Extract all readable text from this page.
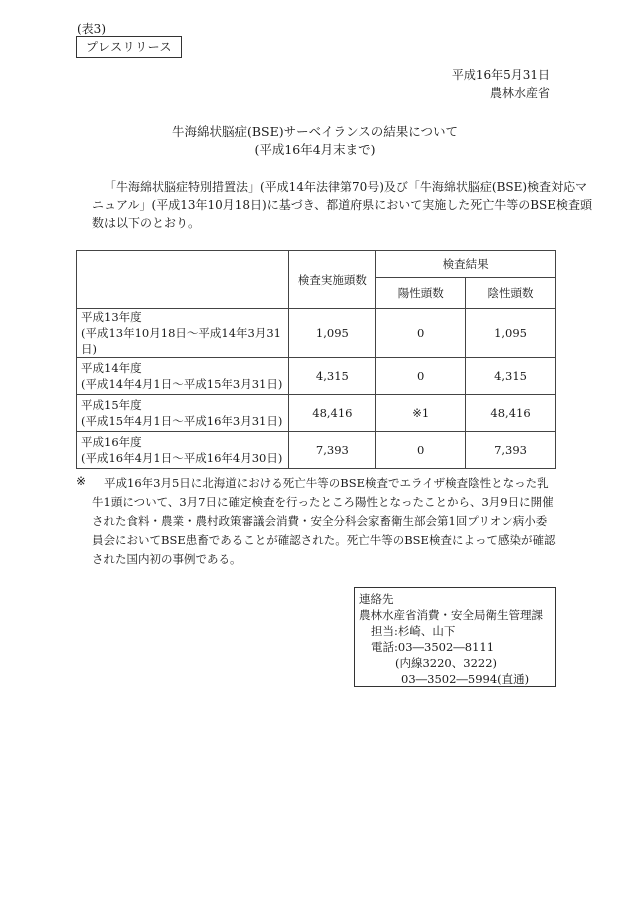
(表3)
プレスリリース
平成16年5月31日
農林水産省
牛海綿状脳症(BSE)サーベイランスの結果について
(平成16年4月末まで)
「牛海綿状脳症特別措置法」(平成14年法律第70号)及び「牛海綿状脳症(BSE)検査対応マ
ニュアル」(平成13年10月18日)に基づき、都道府県において実施した死亡牛等のBSE検査頭
数は以下のとおり。
	検査実施頭数	検査結果	
		陽性頭数	陰性頭数

平成13年度
(平成13年10月18日〜平成14年3月31日)	1,095	0	1,095

平成14年度
(平成14年4月1日〜平成15年3月31日)	4,315	0	4,315

平成15年度
(平成15年4月1日〜平成16年3月31日)	48,416	※1	48,416

平成16年度
(平成16年4月1日〜平成16年4月30日)	7,393	0	7,393
※	平成16年3月5日に北海道における死亡牛等のBSE検査でエライザ検査陰性となった乳
牛1頭について、3月7日に確定検査を行ったところ陽性となったことから、3月9日に開催
された食料・農業・農村政策審議会消費・安全分科会家畜衛生部会第1回プリオン病小委
員会においてBSE患畜であることが確認された。死亡牛等のBSE検査によって感染が確認
された国内初の事例である。
連絡先
農林水産省消費・安全局衛生管理課
担当:杉崎、山下
電話:03―3502―8111
(内線3220、3222)
03―3502―5994(直通)
